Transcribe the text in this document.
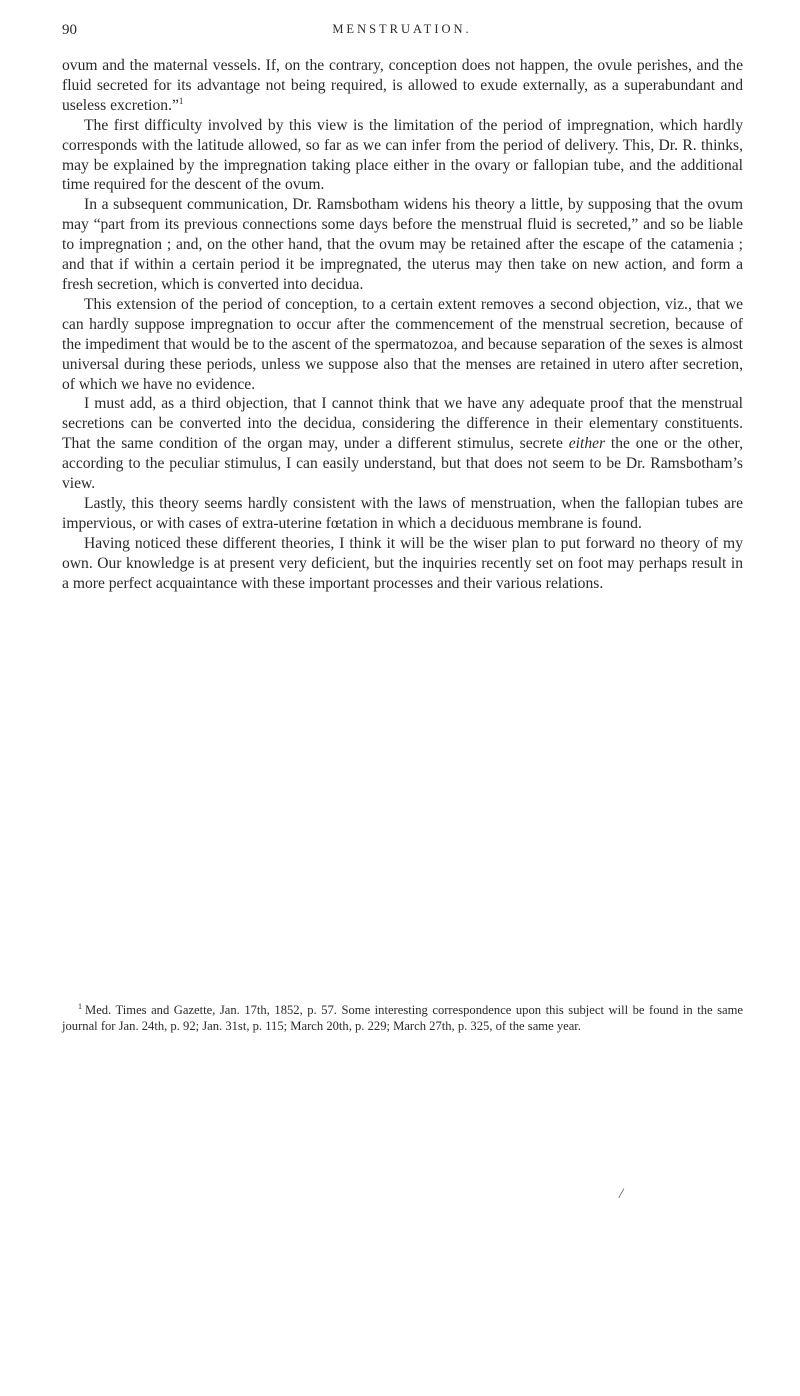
90	MENSTRUATION.

ovum and the maternal vessels. If, on the contrary, conception does not happen, the ovule perishes, and the fluid secreted for its advantage not being required, is allowed to exude externally, as a superabundant and useless excretion.”$^1$

The first difficulty involved by this view is the limitation of the period of impregnation, which hardly corresponds with the latitude allowed, so far as we can infer from the period of delivery. This, Dr. R. thinks, may be explained by the impregnation taking place either in the ovary or fallopian tube, and the additional time required for the descent of the ovum.

In a subsequent communication, Dr. Ramsbotham widens his theory a little, by supposing that the ovum may “part from its previous connections some days before the menstrual fluid is secreted,” and so be liable to impregnation ; and, on the other hand, that the ovum may be retained after the escape of the catamenia ; and that if within a certain period it be impregnated, the uterus may then take on new action, and form a fresh secretion, which is converted into decidua.

This extension of the period of conception, to a certain extent removes a second objection, viz., that we can hardly suppose impregnation to occur after the commencement of the menstrual secretion, because of the impediment that would be to the ascent of the spermatozoa, and because separation of the sexes is almost universal during these periods, unless we suppose also that the menses are retained in utero after secretion, of which we have no evidence.

I must add, as a third objection, that I cannot think that we have any adequate proof that the menstrual secretions can be converted into the decidua, considering the difference in their elementary constituents. That the same condition of the organ may, under a different stimulus, secrete either the one or the other, according to the peculiar stimulus, I can easily understand, but that does not seem to be Dr. Ramsbotham’s view.

Lastly, this theory seems hardly consistent with the laws of menstruation, when the fallopian tubes are impervious, or with cases of extra-uterine fœtation in which a deciduous membrane is found.

Having noticed these different theories, I think it will be the wiser plan to put forward no theory of my own. Our knowledge is at present very deficient, but the inquiries recently set on foot may perhaps result in a more perfect acquaintance with these important processes and their various relations.

$^1$ Med. Times and Gazette, Jan. 17th, 1852, p. 57. Some interesting correspondence upon this subject will be found in the same journal for Jan. 24th, p. 92; Jan. 31st, p. 115; March 20th, p. 229; March 27th, p. 325, of the same year.

/
